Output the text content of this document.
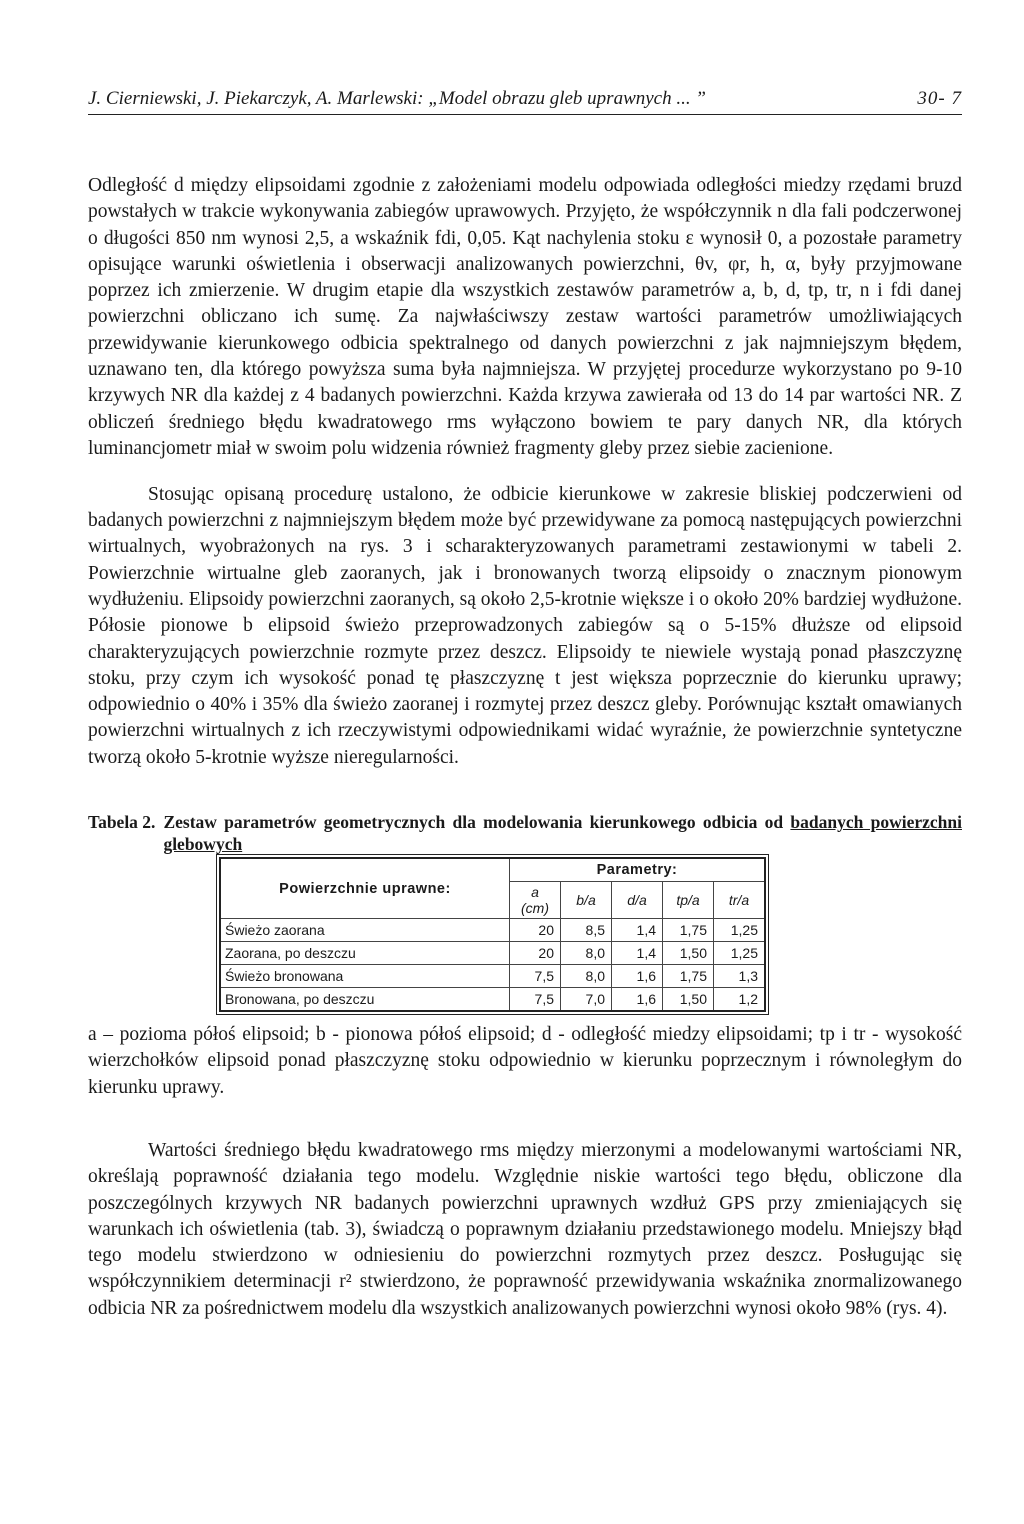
J. Cierniewski, J. Piekarczyk, A. Marlewski: „Model obrazu gleb uprawnych ... ”	30- 7

Odległość d między elipsoidami zgodnie z założeniami modelu odpowiada odległości miedzy rzędami bruzd powstałych w trakcie wykonywania zabiegów uprawowych. Przyjęto, że współczynnik n dla fali podczerwonej o długości 850 nm wynosi 2,5, a wskaźnik fdi, 0,05. Kąt nachylenia stoku ε wynosił 0, a pozostałe parametry opisujące warunki oświetlenia i obserwacji analizowanych powierzchni, θv, φr, h, α, były przyjmowane poprzez ich zmierzenie. W drugim etapie dla wszystkich zestawów parametrów a, b, d, tp, tr, n i fdi danej powierzchni obliczano ich sumę. Za najwłaściwszy zestaw wartości parametrów umożliwiających przewidywanie kierunkowego odbicia spektralnego od danych powierzchni z jak najmniejszym błędem, uznawano ten, dla którego powyższa suma była najmniejsza. W przyjętej procedurze wykorzystano po 9-10 krzywych NR dla każdej z 4 badanych powierzchni. Każda krzywa zawierała od 13 do 14 par wartości NR. Z obliczeń średniego błędu kwadratowego rms wyłączono bowiem te pary danych NR, dla których luminancjometr miał w swoim polu widzenia również fragmenty gleby przez siebie zacienione.

Stosując opisaną procedurę ustalono, że odbicie kierunkowe w zakresie bliskiej podczerwieni od badanych powierzchni z najmniejszym błędem może być przewidywane za pomocą następujących powierzchni wirtualnych, wyobrażonych na rys. 3 i scharakteryzowanych parametrami zestawionymi w tabeli 2. Powierzchnie wirtualne gleb zaoranych, jak i bronowanych tworzą elipsoidy o znacznym pionowym wydłużeniu. Elipsoidy powierzchni zaoranych, są około 2,5-krotnie większe i o około 20% bardziej wydłużone. Półosie pionowe b elipsoid świeżo przeprowadzonych zabiegów są o 5-15% dłuższe od elipsoid charakteryzujących powierzchnie rozmyte przez deszcz. Elipsoidy te niewiele wystają ponad płaszczyznę stoku, przy czym ich wysokość ponad tę płaszczyznę t jest większa poprzecznie do kierunku uprawy; odpowiednio o 40% i 35% dla świeżo zaoranej i rozmytej przez deszcz gleby. Porównując kształt omawianych powierzchni wirtualnych z ich rzeczywistymi odpowiednikami widać wyraźnie, że powierzchnie syntetyczne tworzą około 5-krotnie wyższe nieregularności.

Tabela 2. Zestaw parametrów geometrycznych dla modelowania kierunkowego odbicia od badanych powierzchni glebowych
Powierzchnie uprawne:	Parametry:				
	a (cm)	b/a	d/a	tp/a	tr/a
Świeżo zaorana	20	8,5	1,4	1,75	1,25
Zaorana, po deszczu	20	8,0	1,4	1,50	1,25
Świeżo bronowana	7,5	8,0	1,6	1,75	1,3
Bronowana, po deszczu	7,5	7,0	1,6	1,50	1,2

a – pozioma półoś elipsoid; b - pionowa półoś elipsoid; d - odległość miedzy elipsoidami; tp i tr - wysokość wierzchołków elipsoid ponad płaszczyznę stoku odpowiednio w kierunku poprzecznym i równoległym do kierunku uprawy.

Wartości średniego błędu kwadratowego rms między mierzonymi a modelowanymi wartościami NR, określają poprawność działania tego modelu. Względnie niskie wartości tego błędu, obliczone dla poszczególnych krzywych NR badanych powierzchni uprawnych wzdłuż GPS przy zmieniających się warunkach ich oświetlenia (tab. 3), świadczą o poprawnym działaniu przedstawionego modelu. Mniejszy błąd tego modelu stwierdzono w odniesieniu do powierzchni rozmytych przez deszcz. Posługując się współczynnikiem determinacji r² stwierdzono, że poprawność przewidywania wskaźnika znormalizowanego odbicia NR za pośrednictwem modelu dla wszystkich analizowanych powierzchni wynosi około 98% (rys. 4).
